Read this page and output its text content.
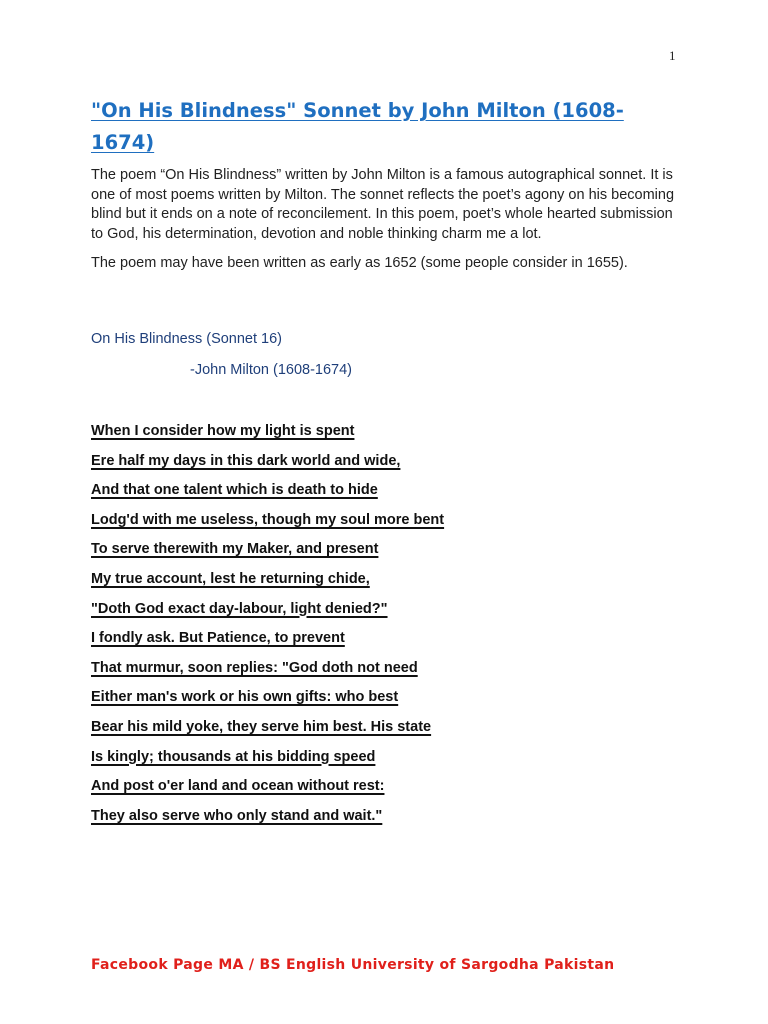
1
"On His Blindness" Sonnet by John Milton (1608-1674)

The poem “On His Blindness” written by John Milton is a famous autographical sonnet. It is one of most poems written by Milton. The sonnet reflects the poet’s agony on his becoming blind but it ends on a note of reconcilement. In this poem, poet’s whole hearted submission to God, his determination, devotion and noble thinking charm me a lot.

The poem may have been written as early as 1652 (some people consider in 1655).

On His Blindness (Sonnet 16)
-John Milton (1608-1674)
When I consider how my light is spent
Ere half my days in this dark world and wide,
And that one talent which is death to hide
Lodg'd with me useless, though my soul more bent
To serve therewith my Maker, and present
My true account, lest he returning chide,
"Doth God exact day-labour, light denied?"
I fondly ask. But Patience, to prevent
That murmur, soon replies: "God doth not need
Either man's work or his own gifts: who best
Bear his mild yoke, they serve him best. His state
Is kingly; thousands at his bidding speed
And post o'er land and ocean without rest:
They also serve who only stand and wait."
Facebook Page MA / BS English University of Sargodha Pakistan
